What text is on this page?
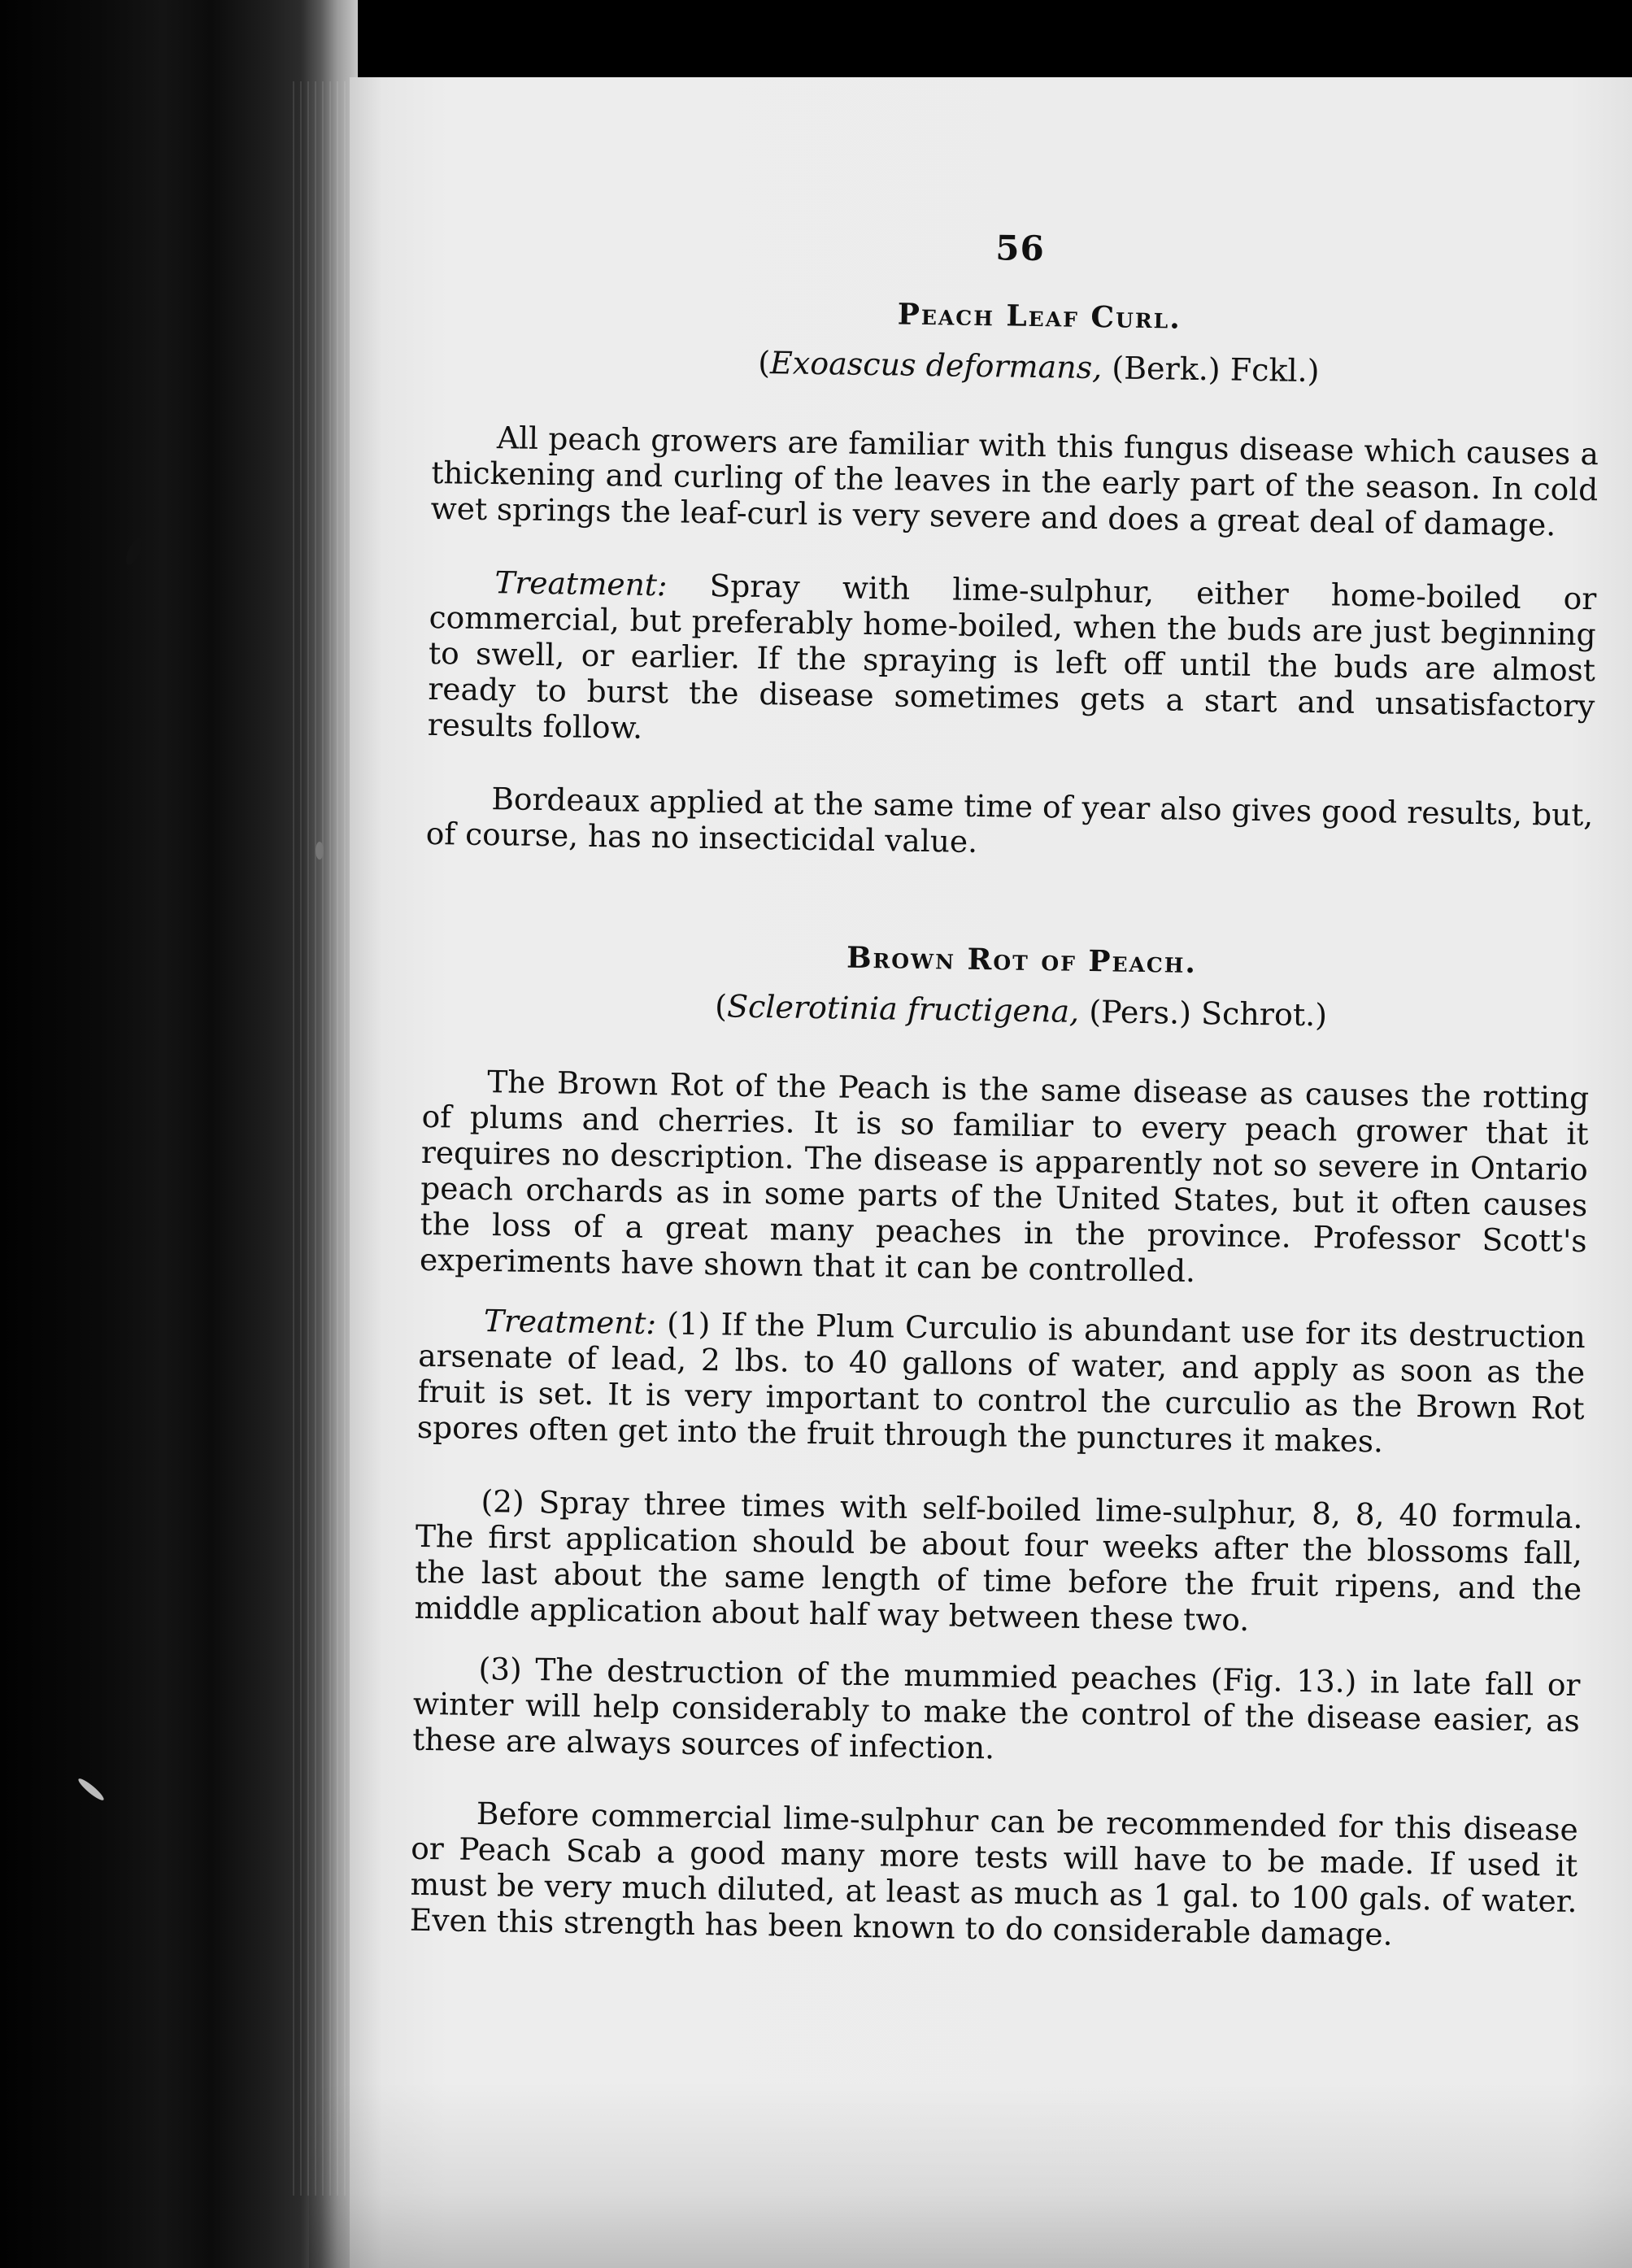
56
Peach Leaf Curl.
(Exoascus deformans, (Berk.) Fckl.)

All peach growers are familiar with this fungus disease which causes a thickening and curling of the leaves in the early part of the season. In cold wet springs the leaf-curl is very severe and does a great deal of damage.

Treatment: Spray with lime-sulphur, either home-boiled or commercial, but preferably home-boiled, when the buds are just beginning to swell, or earlier. If the spraying is left off until the buds are almost ready to burst the disease sometimes gets a start and unsatisfactory results follow.

Bordeaux applied at the same time of year also gives good results, but, of course, has no insecticidal value.

Brown Rot of Peach.
(Sclerotinia fructigena, (Pers.) Schrot.)

The Brown Rot of the Peach is the same disease as causes the rotting of plums and cherries. It is so familiar to every peach grower that it requires no description. The disease is apparently not so severe in Ontario peach orchards as in some parts of the United States, but it often causes the loss of a great many peaches in the province. Professor Scott's experiments have shown that it can be controlled.

Treatment: (1) If the Plum Curculio is abundant use for its destruction arsenate of lead, 2 lbs. to 40 gallons of water, and apply as soon as the fruit is set. It is very important to control the curculio as the Brown Rot spores often get into the fruit through the punctures it makes.

(2) Spray three times with self-boiled lime-sulphur, 8, 8, 40 formula. The first application should be about four weeks after the blossoms fall, the last about the same length of time before the fruit ripens, and the middle application about half way between these two.

(3) The destruction of the mummied peaches (Fig. 13.) in late fall or winter will help considerably to make the control of the disease easier, as these are always sources of infection.

Before commercial lime-sulphur can be recommended for this disease or Peach Scab a good many more tests will have to be made. If used it must be very much diluted, at least as much as 1 gal. to 100 gals. of water. Even this strength has been known to do considerable damage.
